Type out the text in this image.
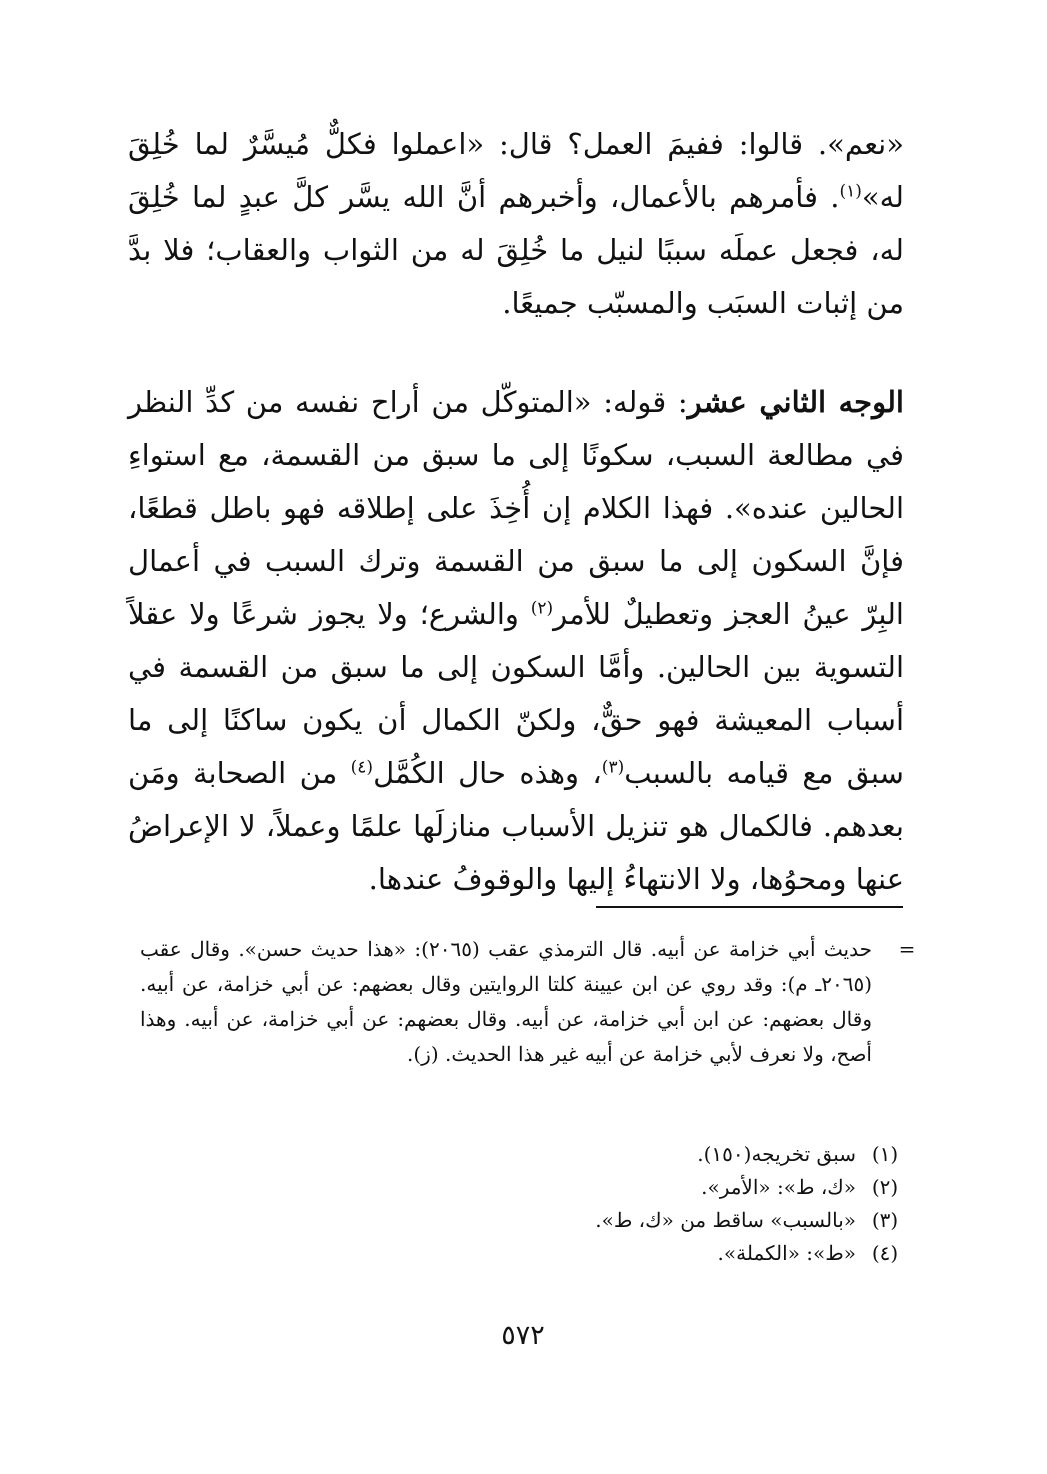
«نعم». قالوا: ففيمَ العمل؟ قال: «اعملوا فكلٌّ مُيسَّرٌ لما خُلِقَ له»$^{(١)}$. فأمرهم بالأعمال، وأخبرهم أنَّ الله يسَّر كلَّ عبدٍ لما خُلِقَ له، فجعل عملَه سببًا لنيل ما خُلِقَ له من الثواب والعقاب؛ فلا بدَّ من إثبات السبَب والمسبّب جميعًا.

الوجه الثاني عشر: قوله: «المتوكّل من أراح نفسه من كدِّ النظر في مطالعة السبب، سكونًا إلى ما سبق من القسمة، مع استواءِ الحالين عنده». فهذا الكلام إن أُخِذَ على إطلاقه فهو باطل قطعًا، فإنَّ السكون إلى ما سبق من القسمة وترك السبب في أعمال البِرّ عينُ العجز وتعطيلٌ للأمر$^{(٢)}$ والشرع؛ ولا يجوز شرعًا ولا عقلاً التسوية بين الحالين. وأمَّا السكون إلى ما سبق من القسمة في أسباب المعيشة فهو حقٌّ، ولكنّ الكمال أن يكون ساكنًا إلى ما سبق مع قيامه بالسبب$^{(٣)}$، وهذه حال الكُمَّل$^{(٤)}$ من الصحابة ومَن بعدهم. فالكمال هو تنزيل الأسباب منازلَها علمًا وعملاً، لا الإعراضُ عنها ومحوُها، ولا الانتهاءُ إليها والوقوفُ عندها.

=
حديث أبي خزامة عن أبيه. قال الترمذي عقب (٢٠٦٥): «هذا حديث حسن». وقال عقب (٢٠٦٥ـ م): وقد روي عن ابن عيينة كلتا الروايتين وقال بعضهم: عن أبي خزامة، عن أبيه. وقال بعضهم: عن ابن أبي خزامة، عن أبيه. وقال بعضهم: عن أبي خزامة، عن أبيه. وهذا أصح، ولا نعرف لأبي خزامة عن أبيه غير هذا الحديث. (ز).
(١)سبق تخريجه(١٥٠).
(٢)«ك، ط»: «الأمر».
(٣)«بالسبب» ساقط من «ك، ط».
(٤)«ط»: «الكملة».
٥٧٢
